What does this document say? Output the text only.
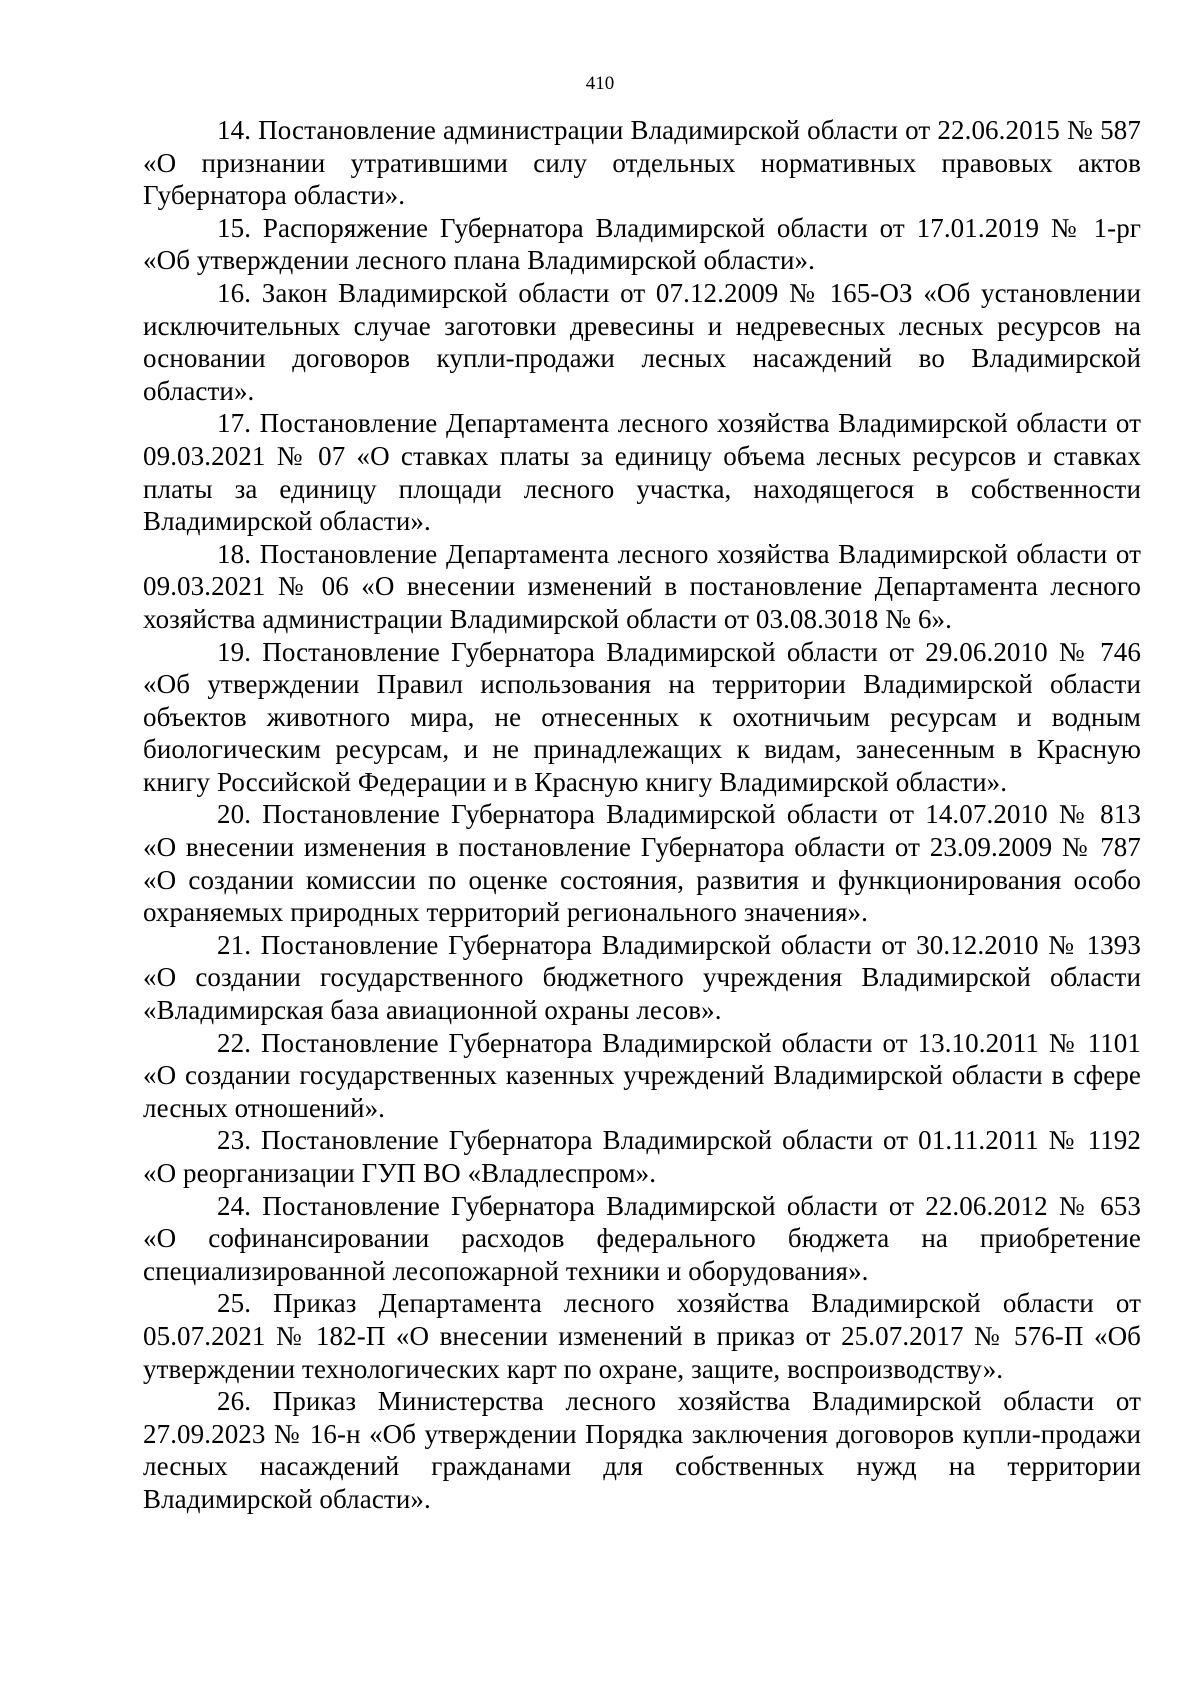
410

14. Постановление администрации Владимирской области от 22.06.2015 № 587 «О признании утратившими силу отдельных нормативных правовых актов Губернатора области».

15. Распоряжение Губернатора Владимирской области от 17.01.2019 № 1-рг «Об утверждении лесного плана Владимирской области».

16. Закон Владимирской области от 07.12.2009 № 165-ОЗ «Об установлении исключительных случае заготовки древесины и недревесных лесных ресурсов на основании договоров купли-продажи лесных насаждений во Владимирской области».

17. Постановление Департамента лесного хозяйства Владимирской области от 09.03.2021 № 07 «О ставках платы за единицу объема лесных ресурсов и ставках платы за единицу площади лесного участка, находящегося в собственности Владимирской области».

18. Постановление Департамента лесного хозяйства Владимирской области от 09.03.2021 № 06 «О внесении изменений в постановление Департамента лесного хозяйства администрации Владимирской области от 03.08.3018 № 6».

19. Постановление Губернатора Владимирской области от 29.06.2010 № 746 «Об утверждении Правил использования на территории Владимирской области объектов животного мира, не отнесенных к охотничьим ресурсам и водным биологическим ресурсам, и не принадлежащих к видам, занесенным в Красную книгу Российской Федерации и в Красную книгу Владимирской области».

20. Постановление Губернатора Владимирской области от 14.07.2010 № 813 «О внесении изменения в постановление Губернатора области от 23.09.2009 № 787 «О создании комиссии по оценке состояния, развития и функционирования особо охраняемых природных территорий регионального значения».

21. Постановление Губернатора Владимирской области от 30.12.2010 № 1393 «О создании государственного бюджетного учреждения Владимирской области «Владимирская база авиационной охраны лесов».

22. Постановление Губернатора Владимирской области от 13.10.2011 № 1101 «О создании государственных казенных учреждений Владимирской области в сфере лесных отношений».

23. Постановление Губернатора Владимирской области от 01.11.2011 № 1192 «О реорганизации ГУП ВО «Владлеспром».

24. Постановление Губернатора Владимирской области от 22.06.2012 № 653 «О софинансировании расходов федерального бюджета на приобретение специализированной лесопожарной техники и оборудования».

25. Приказ Департамента лесного хозяйства Владимирской области от 05.07.2021 № 182-П «О внесении изменений в приказ от 25.07.2017 № 576-П «Об утверждении технологических карт по охране, защите, воспроизводству».

26. Приказ Министерства лесного хозяйства Владимирской области от 27.09.2023 № 16-н «Об утверждении Порядка заключения договоров купли-продажи лесных насаждений гражданами для собственных нужд на территории Владимирской области».
